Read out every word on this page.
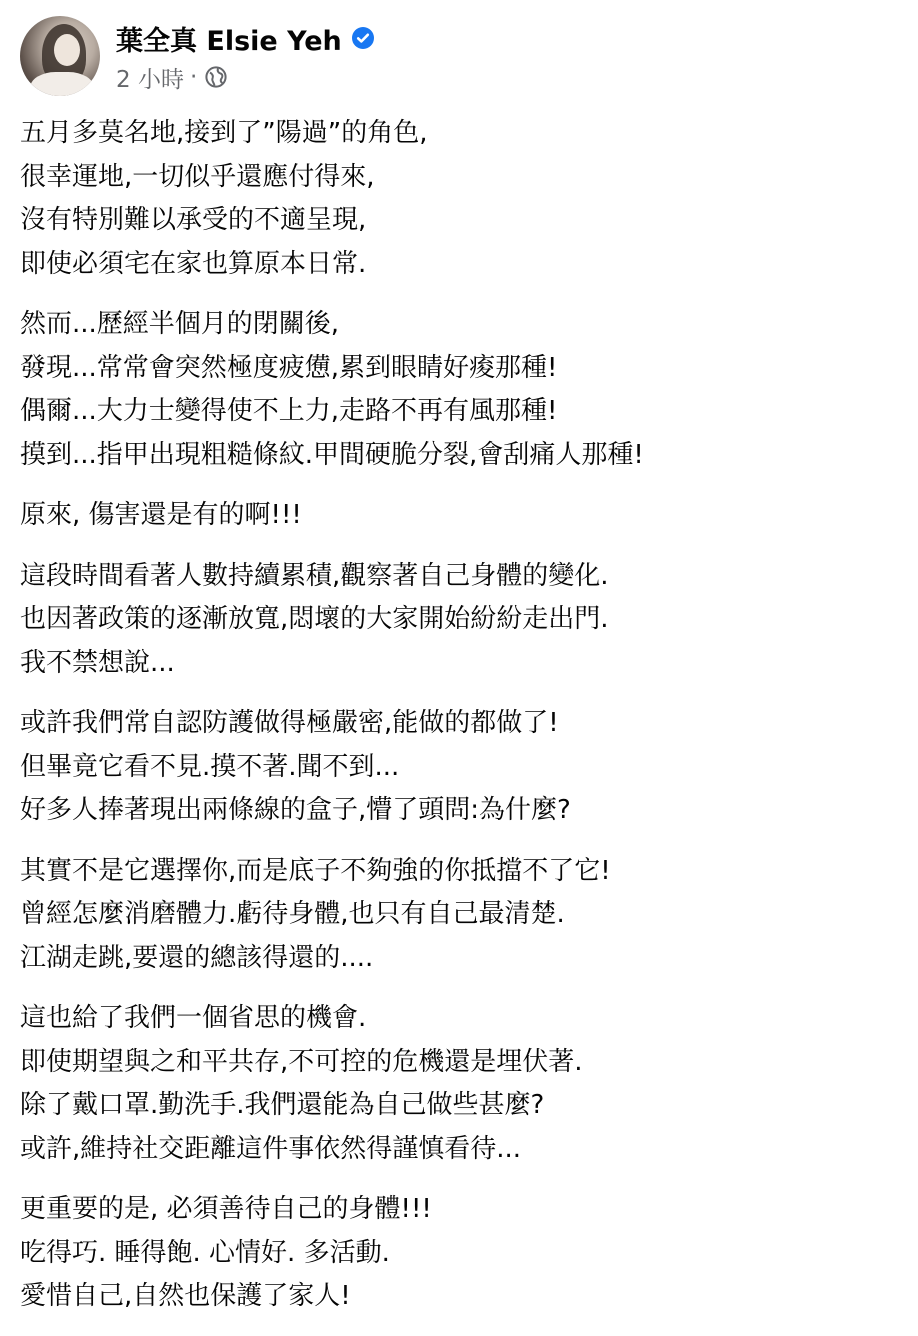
葉全真 Elsie Yeh
2 小時 ·
五月多莫名地,接到了”陽過”的角色,
很幸運地,一切似乎還應付得來,
沒有特別難以承受的不適呈現,
即使必須宅在家也算原本日常.
然而...歷經半個月的閉關後,
發現...常常會突然極度疲憊,累到眼睛好痠那種!
偶爾...大力士變得使不上力,走路不再有風那種!
摸到...指甲出現粗糙條紋.甲間硬脆分裂,會刮痛人那種!
原來, 傷害還是有的啊!!!
這段時間看著人數持續累積,觀察著自己身體的變化.
也因著政策的逐漸放寬,悶壞的大家開始紛紛走出門.
我不禁想說...
或許我們常自認防護做得極嚴密,能做的都做了!
但畢竟它看不見.摸不著.聞不到...
好多人捧著現出兩條線的盒子,懵了頭問:為什麼?
其實不是它選擇你,而是底子不夠強的你抵擋不了它!
曾經怎麼消磨體力.虧待身體,也只有自己最清楚.
江湖走跳,要還的總該得還的....
這也給了我們一個省思的機會.
即使期望與之和平共存,不可控的危機還是埋伏著.
除了戴口罩.勤洗手.我們還能為自己做些甚麼?
或許,維持社交距離這件事依然得謹慎看待...
更重要的是, 必須善待自己的身體!!!
吃得巧. 睡得飽. 心情好. 多活動.
愛惜自己,自然也保護了家人!
